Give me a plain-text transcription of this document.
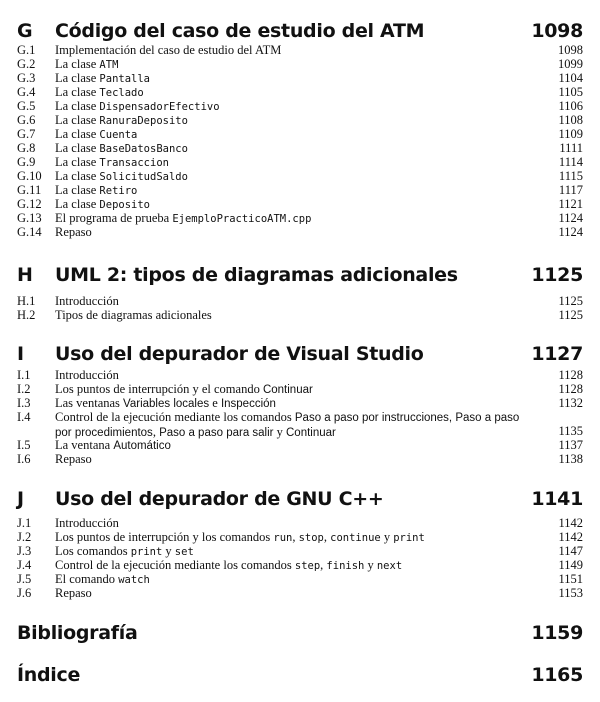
G Código del caso de estudio del ATM	1098
G.1 Implementación del caso de estudio del ATM	1098
G.2 La clase ATM	1099
G.3 La clase Pantalla	1104
G.4 La clase Teclado	1105
G.5 La clase DispensadorEfectivo	1106
G.6 La clase RanuraDeposito	1108
G.7 La clase Cuenta	1109
G.8 La clase BaseDatosBanco	1111
G.9 La clase Transaccion	1114
G.10 La clase SolicitudSaldo	1115
G.11 La clase Retiro	1117
G.12 La clase Deposito	1121
G.13 El programa de prueba EjemploPracticoATM.cpp	1124
G.14 Repaso	1124
H UML 2: tipos de diagramas adicionales	1125
H.1 Introducción	1125
H.2 Tipos de diagramas adicionales	1125
I Uso del depurador de Visual Studio	1127
I.1 Introducción	1128
I.2 Los puntos de interrupción y el comando Continuar	1128
I.3 Las ventanas Variables locales e Inspección	1132
I.4 Control de la ejecución mediante los comandos Paso a paso por instrucciones, Paso a paso por procedimientos, Paso a paso para salir y Continuar	1135
I.5 La ventana Automático	1137
I.6 Repaso	1138
J Uso del depurador de GNU C++	1141
J.1 Introducción	1142
J.2 Los puntos de interrupción y los comandos run, stop, continue y print	1142
J.3 Los comandos print y set	1147
J.4 Control de la ejecución mediante los comandos step, finish y next	1149
J.5 El comando watch	1151
J.6 Repaso	1153
Bibliografía	1159
Índice	1165
